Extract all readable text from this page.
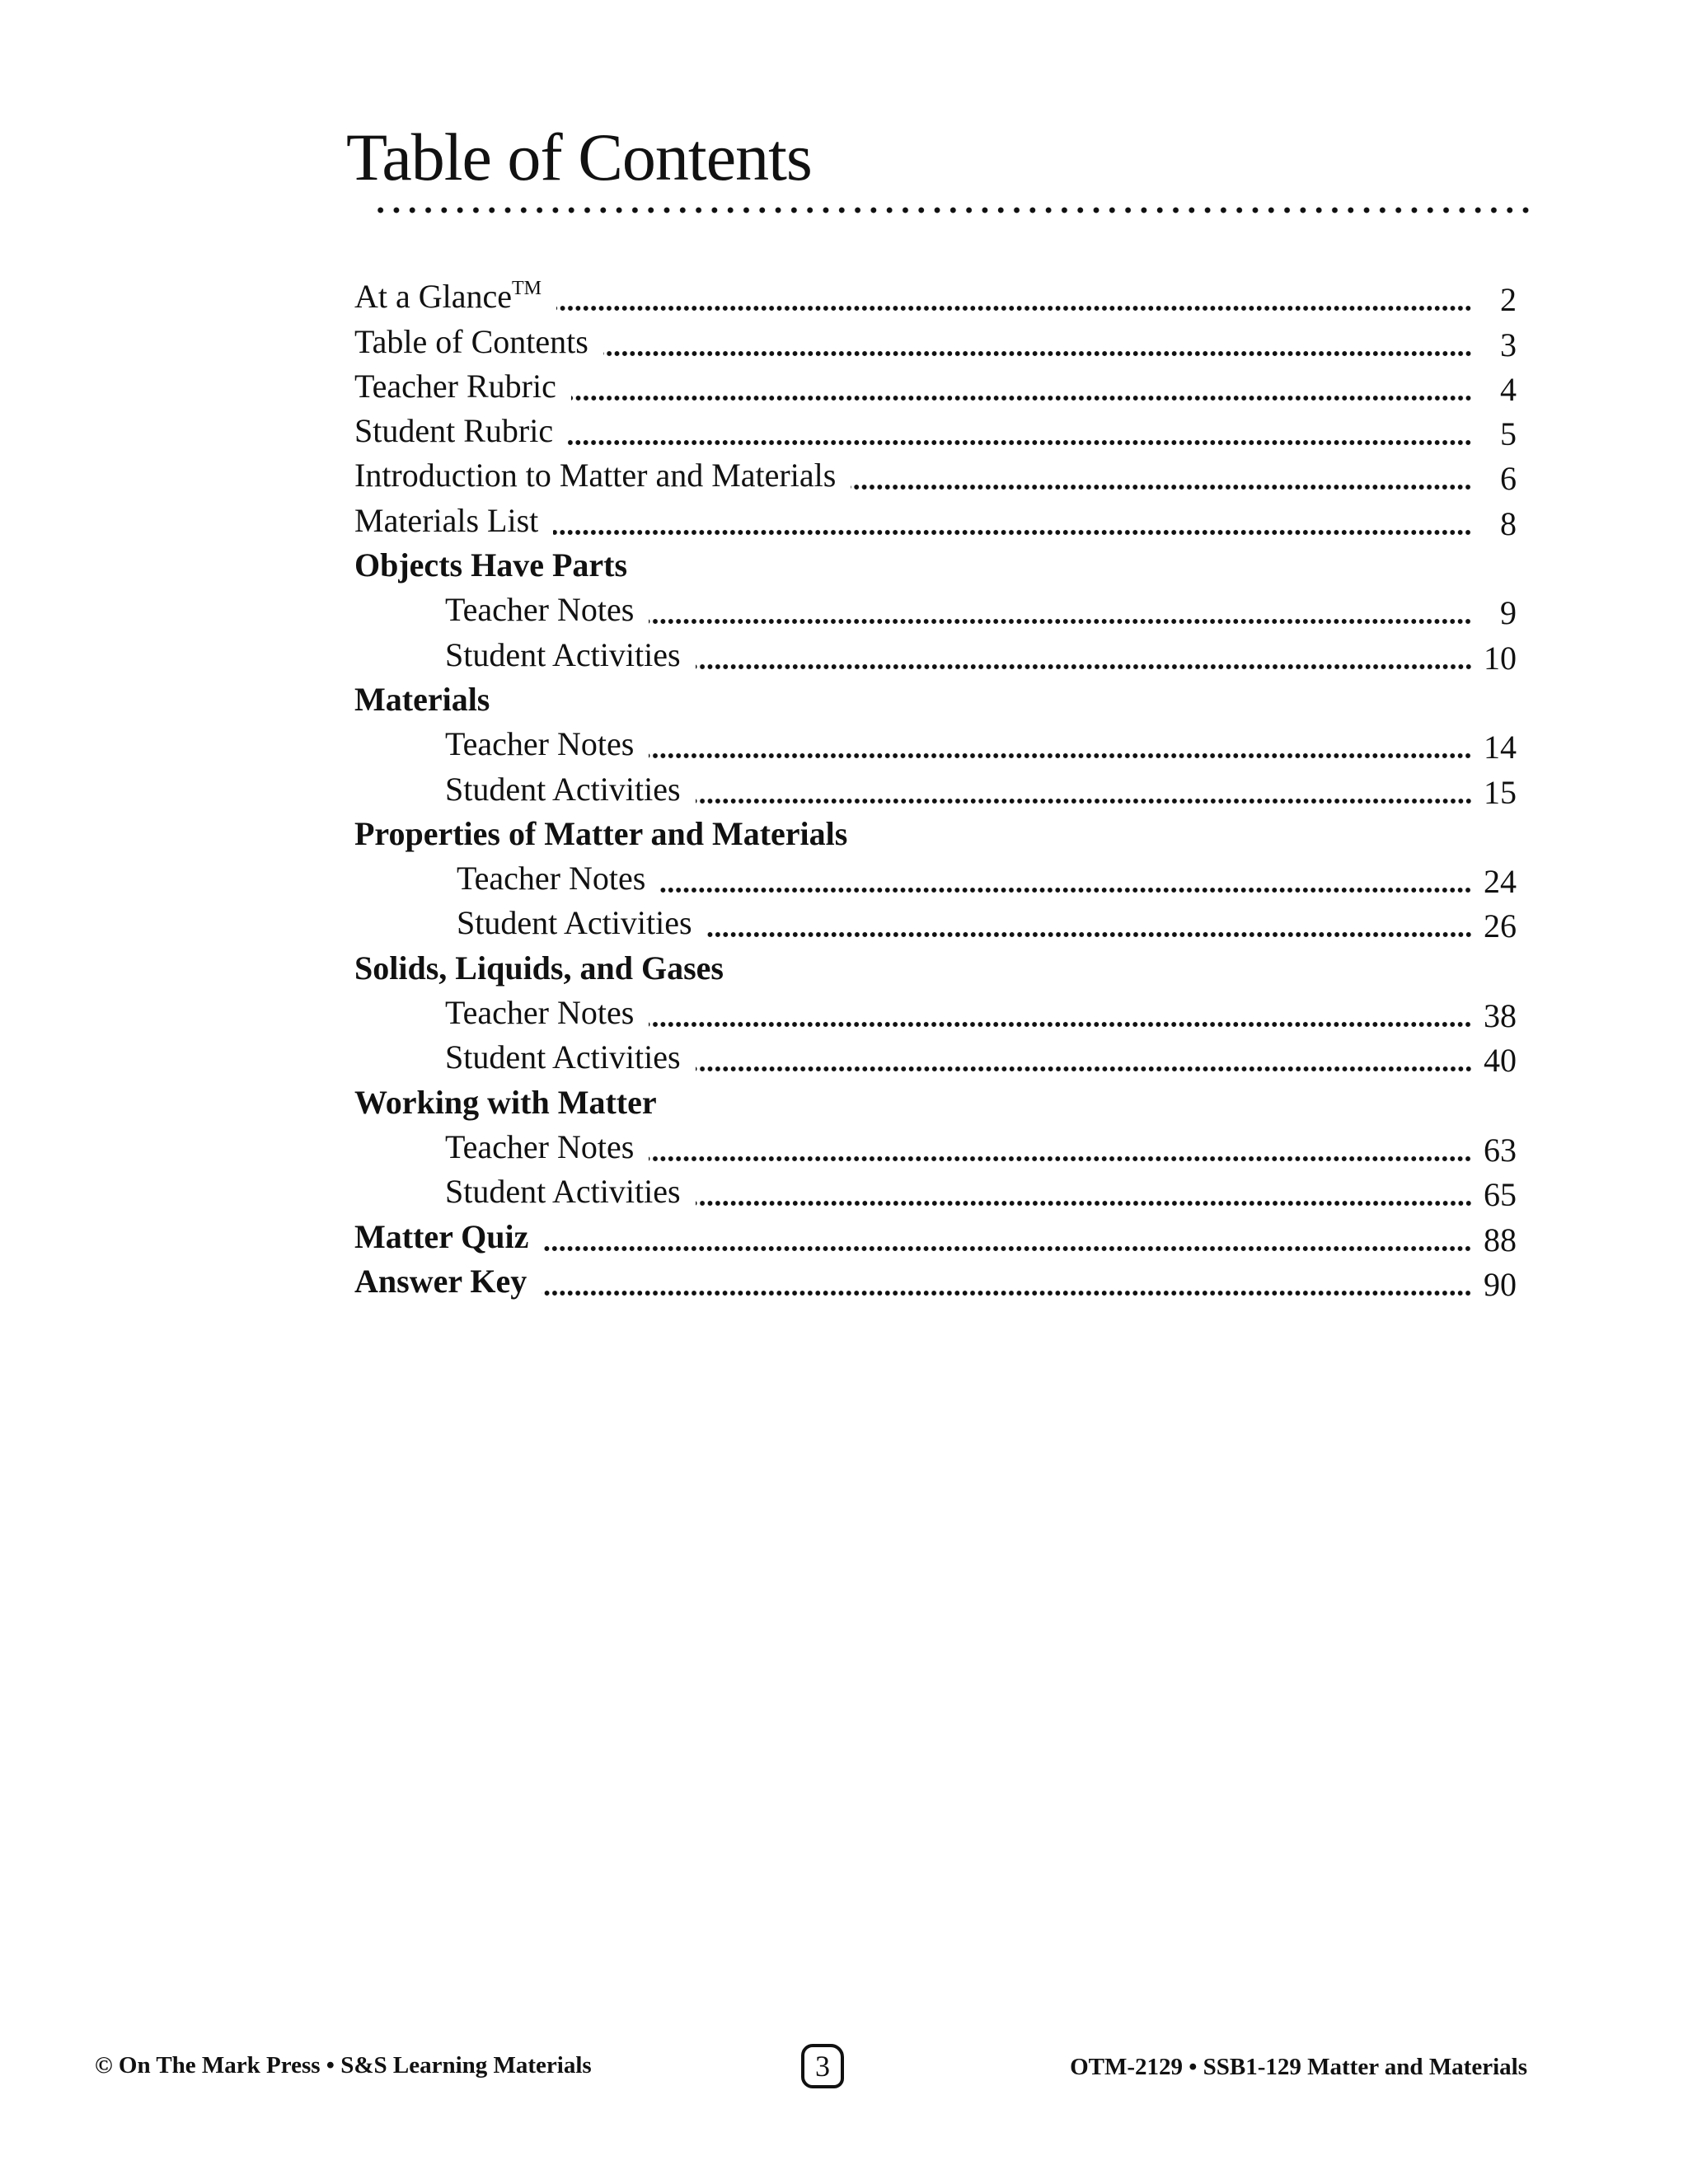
Table of Contents
At a Glance™	2
Table of Contents	3
Teacher Rubric	4
Student Rubric	5
Introduction to Matter and Materials	6
Materials List	8
Objects Have Parts
Teacher Notes	9
Student Activities	10
Materials
Teacher Notes	14
Student Activities	15
Properties of Matter and Materials
Teacher Notes	24
Student Activities	26
Solids, Liquids, and Gases
Teacher Notes	38
Student Activities	40
Working with Matter
Teacher Notes	63
Student Activities	65
Matter Quiz	88
Answer Key	90
© On The Mark Press • S&S Learning Materials	3	OTM-2129 • SSB1-129 Matter and Materials
